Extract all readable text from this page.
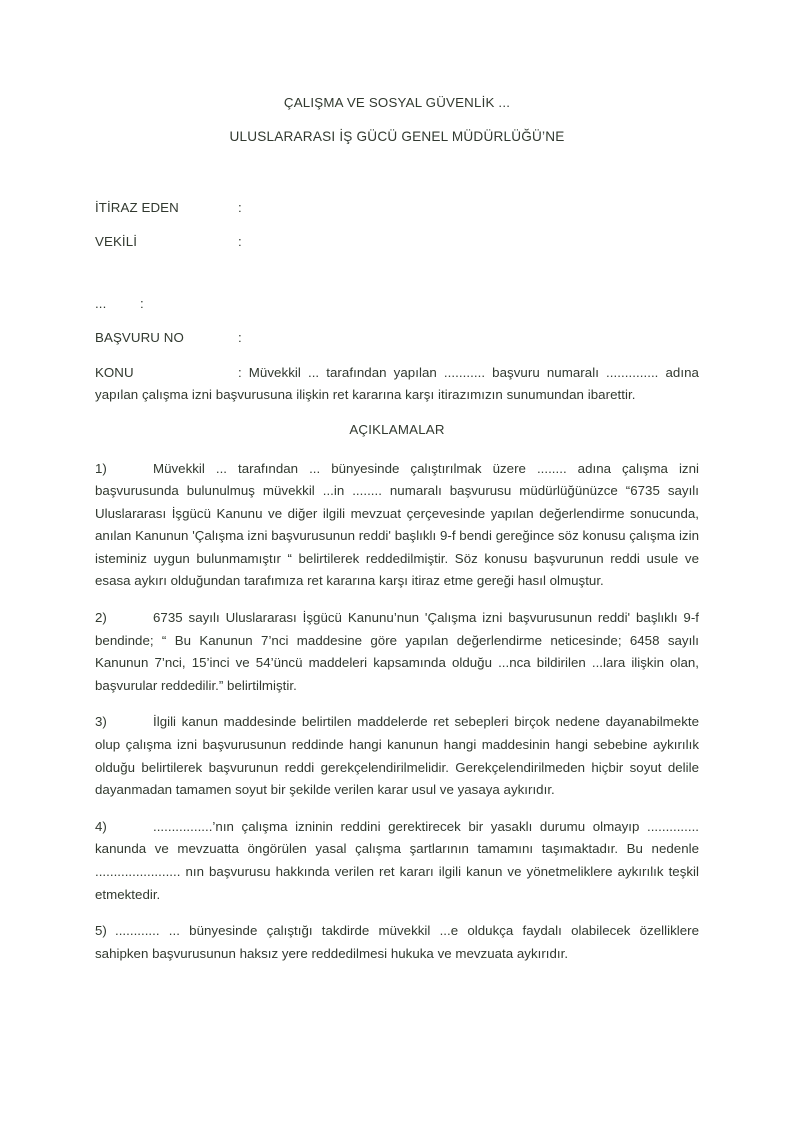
ÇALIŞMA VE SOSYAL GÜVENLİK ...
ULUSLARARASI İŞ GÜCÜ GENEL MÜDÜRLÜĞÜ’NE
İTİRAZ EDEN	:
VEKİLİ	:
...	:
BAŞVURU NO	:
KONU	: Müvekkil ... tarafından yapılan ........... başvuru numaralı .............. adına yapılan çalışma izni başvurusuna ilişkin ret kararına karşı itirazımızın sunumundan ibarettir.
AÇIKLAMALAR
1)	Müvekkil ... tarafından ... bünyesinde çalıştırılmak üzere ........ adına çalışma izni başvurusunda bulunulmuş müvekkil ...in ........ numaralı başvurusu müdürlüğünüzce “6735 sayılı Uluslararası İşgücü Kanunu ve diğer ilgili mevzuat çerçevesinde yapılan değerlendirme sonucunda, anılan Kanunun 'Çalışma izni başvurusunun reddi' başlıklı 9-f bendi gereğince söz konusu çalışma izin isteminiz uygun bulunmamıştır “ belirtilerek reddedilmiştir. Söz konusu başvurunun reddi usule ve esasa aykırı olduğundan tarafımıza ret kararına karşı itiraz etme gereği hasıl olmuştur.
2)	6735 sayılı Uluslararası İşgücü Kanunu’nun 'Çalışma izni başvurusunun reddi' başlıklı 9-f bendinde; “ Bu Kanunun 7’nci maddesine göre yapılan değerlendirme neticesinde; 6458 sayılı Kanunun 7’nci, 15’inci ve 54’üncü maddeleri kapsamında olduğu ...nca bildirilen ...lara ilişkin olan, başvurular reddedilir.” belirtilmiştir.
3)	İlgili kanun maddesinde belirtilen maddelerde ret sebepleri birçok nedene dayanabilmekte olup çalışma izni başvurusunun reddinde hangi kanunun hangi maddesinin hangi sebebine aykırılık olduğu belirtilerek başvurunun reddi gerekçelendirilmelidir. Gerekçelendirilmeden hiçbir soyut delile dayanmadan tamamen soyut bir şekilde verilen karar usul ve yasaya aykırıdır.
4)	................’nın çalışma izninin reddini gerektirecek bir yasaklı durumu olmayıp .............. kanunda ve mevzuatta öngörülen yasal çalışma şartlarının tamamını taşımaktadır. Bu nedenle ....................... nın başvurusu hakkında verilen ret kararı ilgili kanun ve yönetmeliklere aykırılık teşkil etmektedir.
5) ............ ... bünyesinde çalıştığı takdirde müvekkil ...e oldukça faydalı olabilecek özelliklere sahipken başvurusunun haksız yere reddedilmesi hukuka ve mevzuata aykırıdır.
